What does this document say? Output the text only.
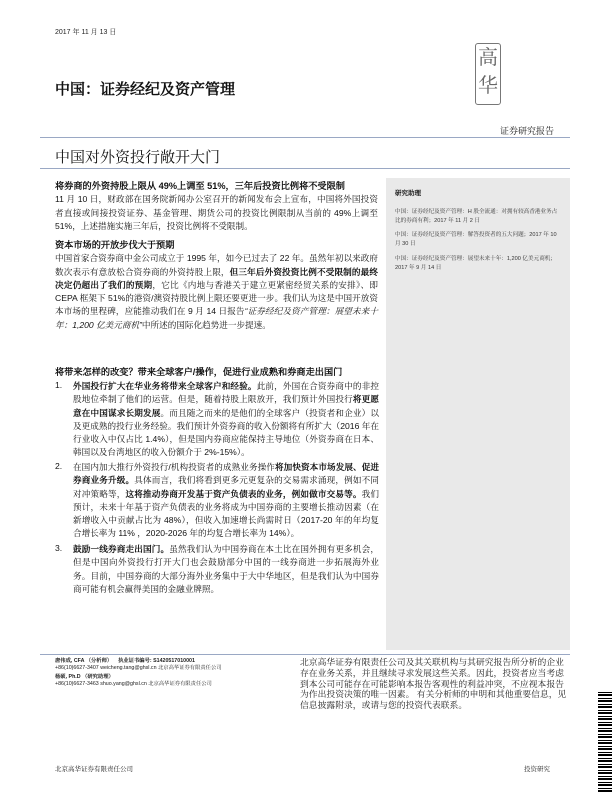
2017 年 11 月 13 日
中国：证券经纪及资产管理
高
华
证券研究报告
中国对外资投行敞开大门
将券商的外资持股上限从 49%上调至 51%，三年后投资比例将不受限制
11 月 10 日，财政部在国务院新闻办公室召开的新闻发布会上宣布，中国将外国投资者直接或间接投资证券、基金管理、期货公司的投资比例限制从当前的 49%上调至 51%，上述措施实施三年后，投资比例将不受限制。
资本市场的开放步伐大于预期
中国首家合资券商中金公司成立于 1995 年，如今已过去了 22 年。虽然年初以来政府数次表示有意放松合资券商的外资持股上限，但三年后外资投资比例不受限制的最终决定仍超出了我们的预期，它比《内地与香港关于建立更紧密经贸关系的安排》、即 CEPA 框架下 51%的港资/澳资持股比例上限还要更进一步。我们认为这是中国开放资本市场的里程碑，应能推动我们在 9 月 14 日报告“证券经纪及资产管理：展望未来十年：1,200 亿美元商机”中所述的国际化趋势进一步提速。
将带来怎样的改变？带来全球客户/操作，促进行业成熟和券商走出国门
1. 外国投行扩大在华业务将带来全球客户和经验。此前，外国在合资券商中的非控股地位牵制了他们的运营。但是，随着持股上限放开，我们预计外国投行将更愿意在中国谋求长期发展。而且随之而来的是他们的全球客户（投资者和企业）以及更成熟的投行业务经验。我们预计外资券商的收入份额将有所扩大（2016 年在行业收入中仅占比 1.4%），但是国内券商应能保持主导地位（外资券商在日本、韩国以及台湾地区的收入份额介于 2%-15%）。
2. 在国内加大推行外资投行/机构投资者的成熟业务操作将加快资本市场发展、促进券商业务升级。具体而言，我们将看到更多元更复杂的交易需求涌现，例如不同对冲策略等，这将推动券商开发基于资产负债表的业务，例如做市交易等。我们预计，未来十年基于资产负债表的业务将成为中国券商的主要增长推动因素（在新增收入中贡献占比为 48%），但收入加速增长尚需时日（2017-20 年的年均复合增长率为 11% ，2020-2026 年的均复合增长率为 14%）。
3. 鼓励一线券商走出国门。虽然我们认为中国券商在本土比在国外拥有更多机会，但是中国向外资投行打开大门也会鼓励部分中国的一线券商进一步拓展海外业务。目前，中国券商的大部分海外业务集中于大中华地区，但是我们认为中国券商可能有机会赢得美国的金融业牌照。
研究助理
中国：证券经纪及资产管理：H 股全流通：对拥有较高香港业务占比的券商有利；2017 年 11 月 2 日
中国：证券经纪及资产管理：解答投资者的五大问题；2017 年 10 月 30 日
中国：证券经纪及资产管理：展望未来十年：1,200 亿美元商机；2017 年 9 月 14 日
唐伟成, CFA （分析师） 执业证书编号: S1420517010001
+86(10)6627-3407 weicheng.tang@ghsl.cn 北京高华证券有限责任公司
杨硕, Ph.D （研究助理）
+86(10)6627-3463 shuo.yang@ghsl.cn 北京高华证券有限责任公司
北京高华证券有限责任公司及其关联机构与其研究报告所分析的企业存在业务关系，并且继续寻求发展这些关系。因此，投资者应当考虑到本公司可能存在可能影响本报告客观性的利益冲突，不应视本报告为作出投资决策的唯一因素。 有关分析师的申明和其他重要信息，见信息披露附录，或请与您的投资代表联系。
北京高华证券有限责任公司	投资研究
